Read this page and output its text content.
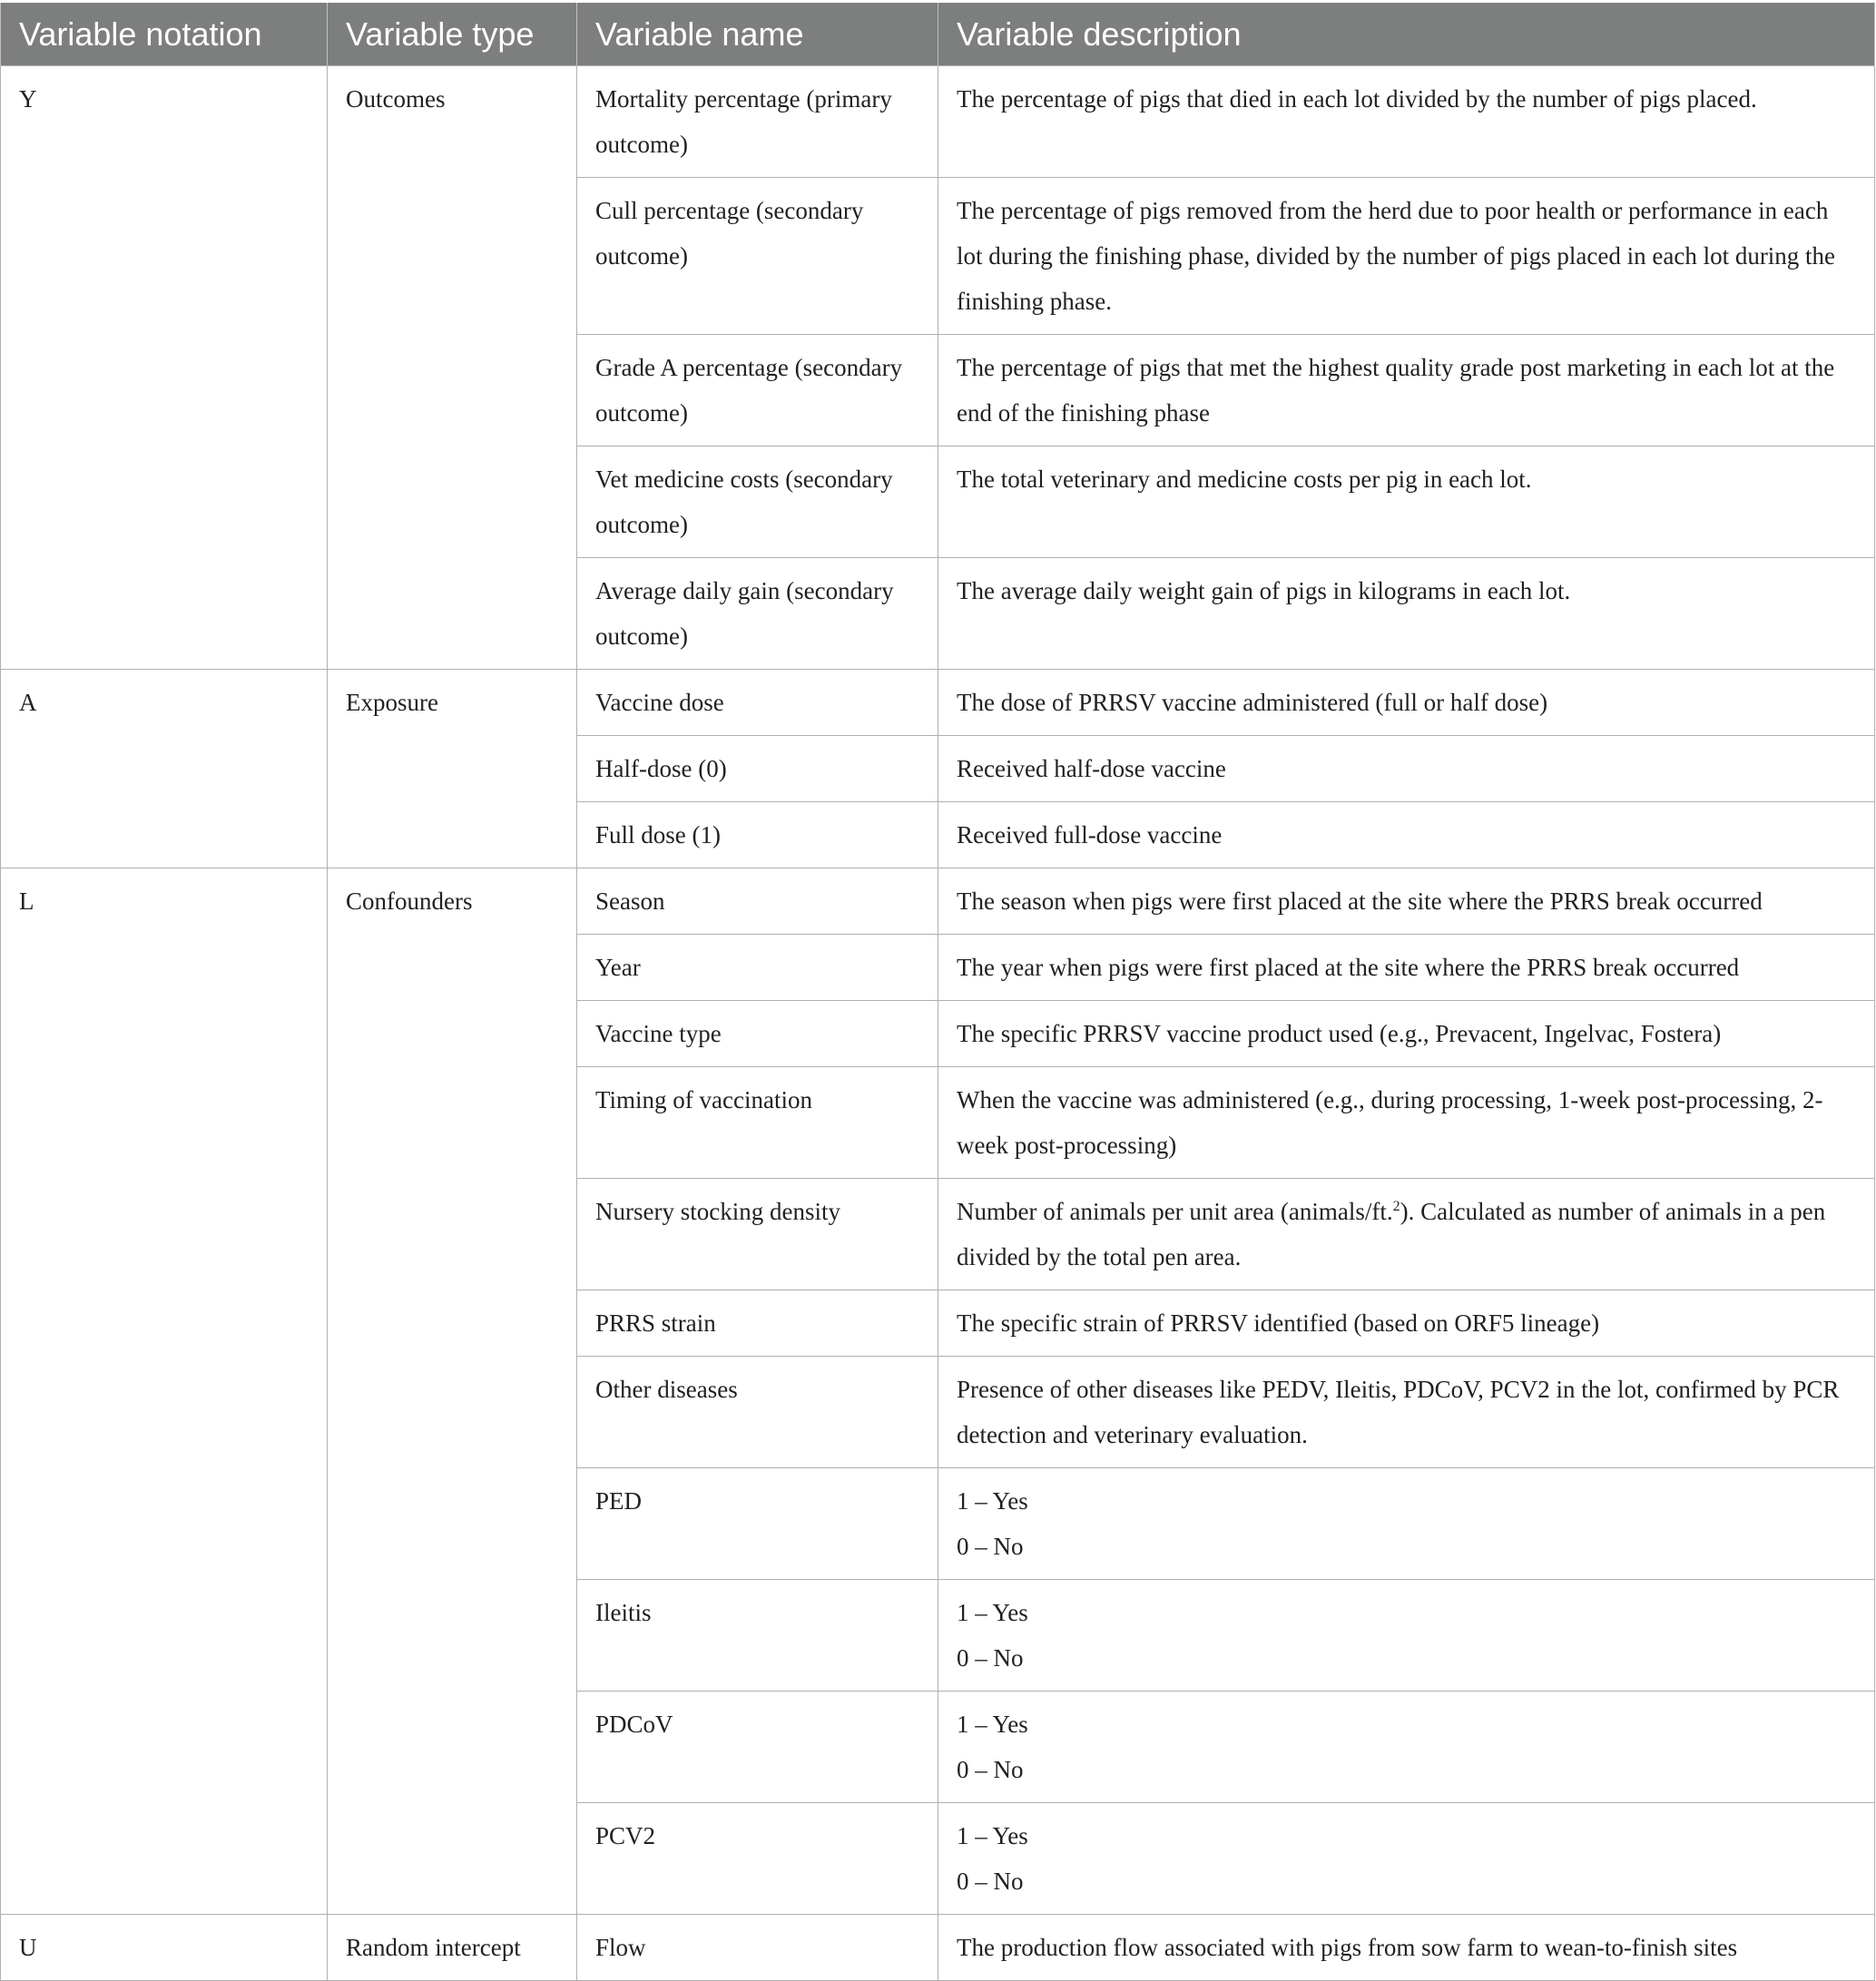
Variable notation	Variable type	Variable name	Variable description
Y	Outcomes	Mortality percentage (primary outcome)	The percentage of pigs that died in each lot divided by the number of pigs placed.
		Cull percentage (secondary outcome)	The percentage of pigs removed from the herd due to poor health or performance in each lot during the finishing phase, divided by the number of pigs placed in each lot during the finishing phase.
		Grade A percentage (secondary outcome)	The percentage of pigs that met the highest quality grade post marketing in each lot at the end of the finishing phase
		Vet medicine costs (secondary outcome)	The total veterinary and medicine costs per pig in each lot.
		Average daily gain (secondary outcome)	The average daily weight gain of pigs in kilograms in each lot.
A	Exposure	Vaccine dose	The dose of PRRSV vaccine administered (full or half dose)
		Half-dose (0)	Received half-dose vaccine
		Full dose (1)	Received full-dose vaccine
L	Confounders	Season	The season when pigs were first placed at the site where the PRRS break occurred
		Year	The year when pigs were first placed at the site where the PRRS break occurred
		Vaccine type	The specific PRRSV vaccine product used (e.g., Prevacent, Ingelvac, Fostera)
		Timing of vaccination	When the vaccine was administered (e.g., during processing, 1-week post-processing, 2-week post-processing)
		Nursery stocking density	Number of animals per unit area (animals/ft.$^2$). Calculated as number of animals in a pen divided by the total pen area.
		PRRS strain	The specific strain of PRRSV identified (based on ORF5 lineage)
		Other diseases	Presence of other diseases like PEDV, Ileitis, PDCoV, PCV2 in the lot, confirmed by PCR detection and veterinary evaluation.
		PED	1 – Yes
0 – No

		Ileitis	1 – Yes
0 – No

		PDCoV	1 – Yes
0 – No

		PCV2	1 – Yes
0 – No

U	Random intercept	Flow	The production flow associated with pigs from sow farm to wean-to-finish sites
